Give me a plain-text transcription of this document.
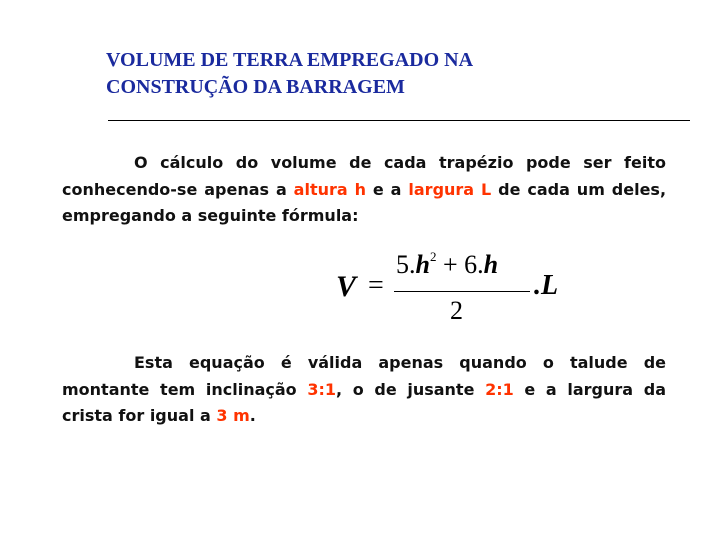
VOLUME DE TERRA EMPREGADO NA
CONSTRUÇÃO DA BARRAGEM

O cálculo do volume de cada trapézio pode ser feito conhecendo-se apenas a altura h e a largura L de cada um deles, empregando a seguinte fórmula:

V =
$5.h^2 + 6.h$
2
.L

Esta equação é válida apenas quando o talude de montante tem inclinação 3:1, o de jusante 2:1 e a largura da crista for igual a 3 m.
